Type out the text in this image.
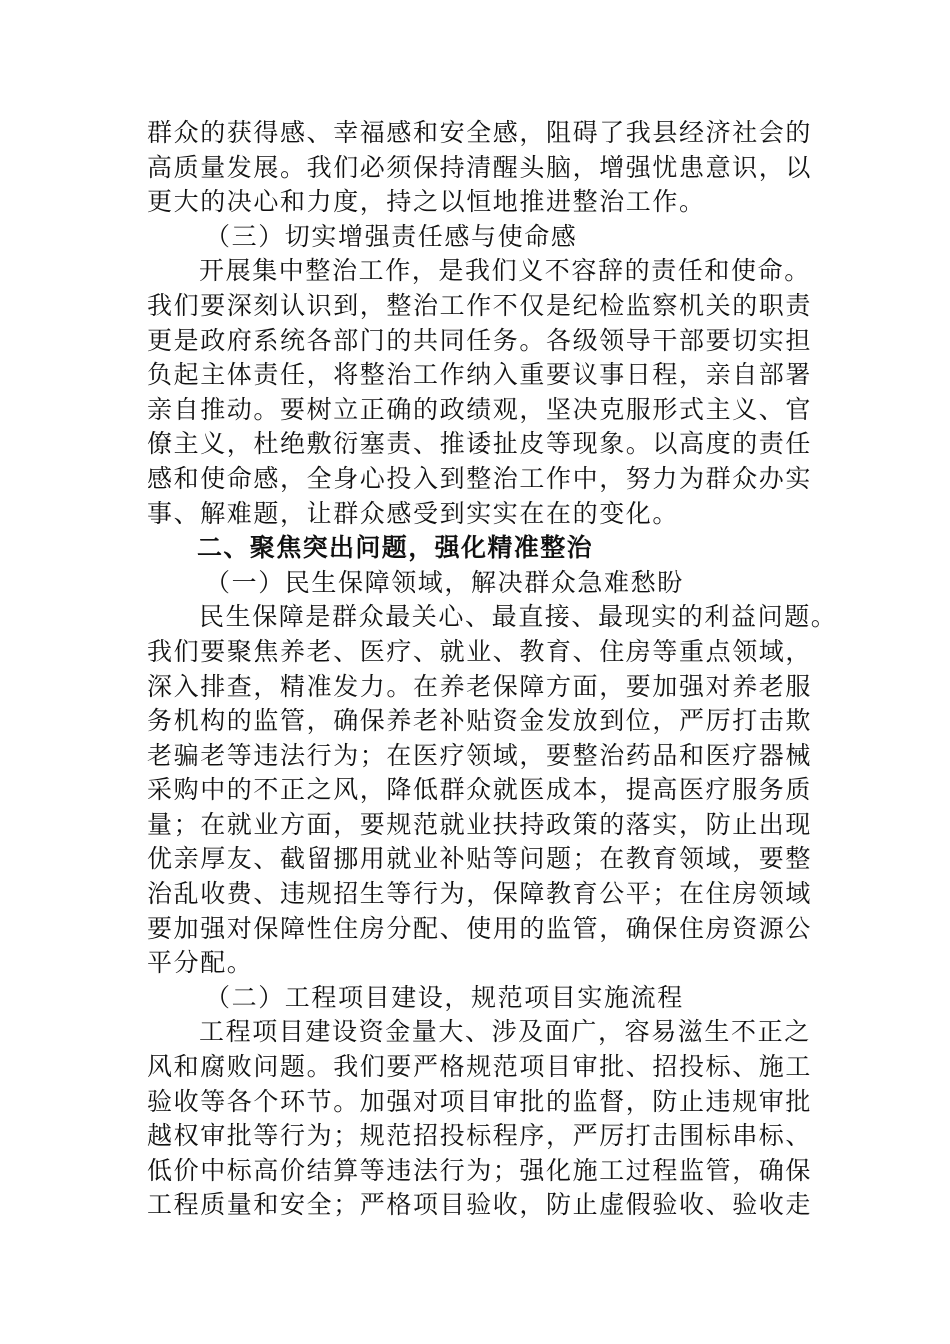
群众的获得感、幸福感和安全感，阻碍了我县经济社会的
高质量发展。我们必须保持清醒头脑，增强忧患意识，以
更大的决心和力度，持之以恒地推进整治工作。
（三）切实增强责任感与使命感
开展集中整治工作，是我们义不容辞的责任和使命。
我们要深刻认识到，整治工作不仅是纪检监察机关的职责
更是政府系统各部门的共同任务。各级领导干部要切实担
负起主体责任，将整治工作纳入重要议事日程，亲自部署
亲自推动。要树立正确的政绩观，坚决克服形式主义、官
僚主义，杜绝敷衍塞责、推诿扯皮等现象。以高度的责任
感和使命感，全身心投入到整治工作中，努力为群众办实
事、解难题，让群众感受到实实在在的变化。
二、聚焦突出问题，强化精准整治
（一）民生保障领域，解决群众急难愁盼
民生保障是群众最关心、最直接、最现实的利益问题。
我们要聚焦养老、医疗、就业、教育、住房等重点领域，
深入排查，精准发力。在养老保障方面，要加强对养老服
务机构的监管，确保养老补贴资金发放到位，严厉打击欺
老骗老等违法行为；在医疗领域，要整治药品和医疗器械
采购中的不正之风，降低群众就医成本，提高医疗服务质
量；在就业方面，要规范就业扶持政策的落实，防止出现
优亲厚友、截留挪用就业补贴等问题；在教育领域，要整
治乱收费、违规招生等行为，保障教育公平；在住房领域
要加强对保障性住房分配、使用的监管，确保住房资源公
平分配。
（二）工程项目建设，规范项目实施流程
工程项目建设资金量大、涉及面广，容易滋生不正之
风和腐败问题。我们要严格规范项目审批、招投标、施工
验收等各个环节。加强对项目审批的监督，防止违规审批
越权审批等行为；规范招投标程序，严厉打击围标串标、
低价中标高价结算等违法行为；强化施工过程监管，确保
工程质量和安全；严格项目验收，防止虚假验收、验收走
